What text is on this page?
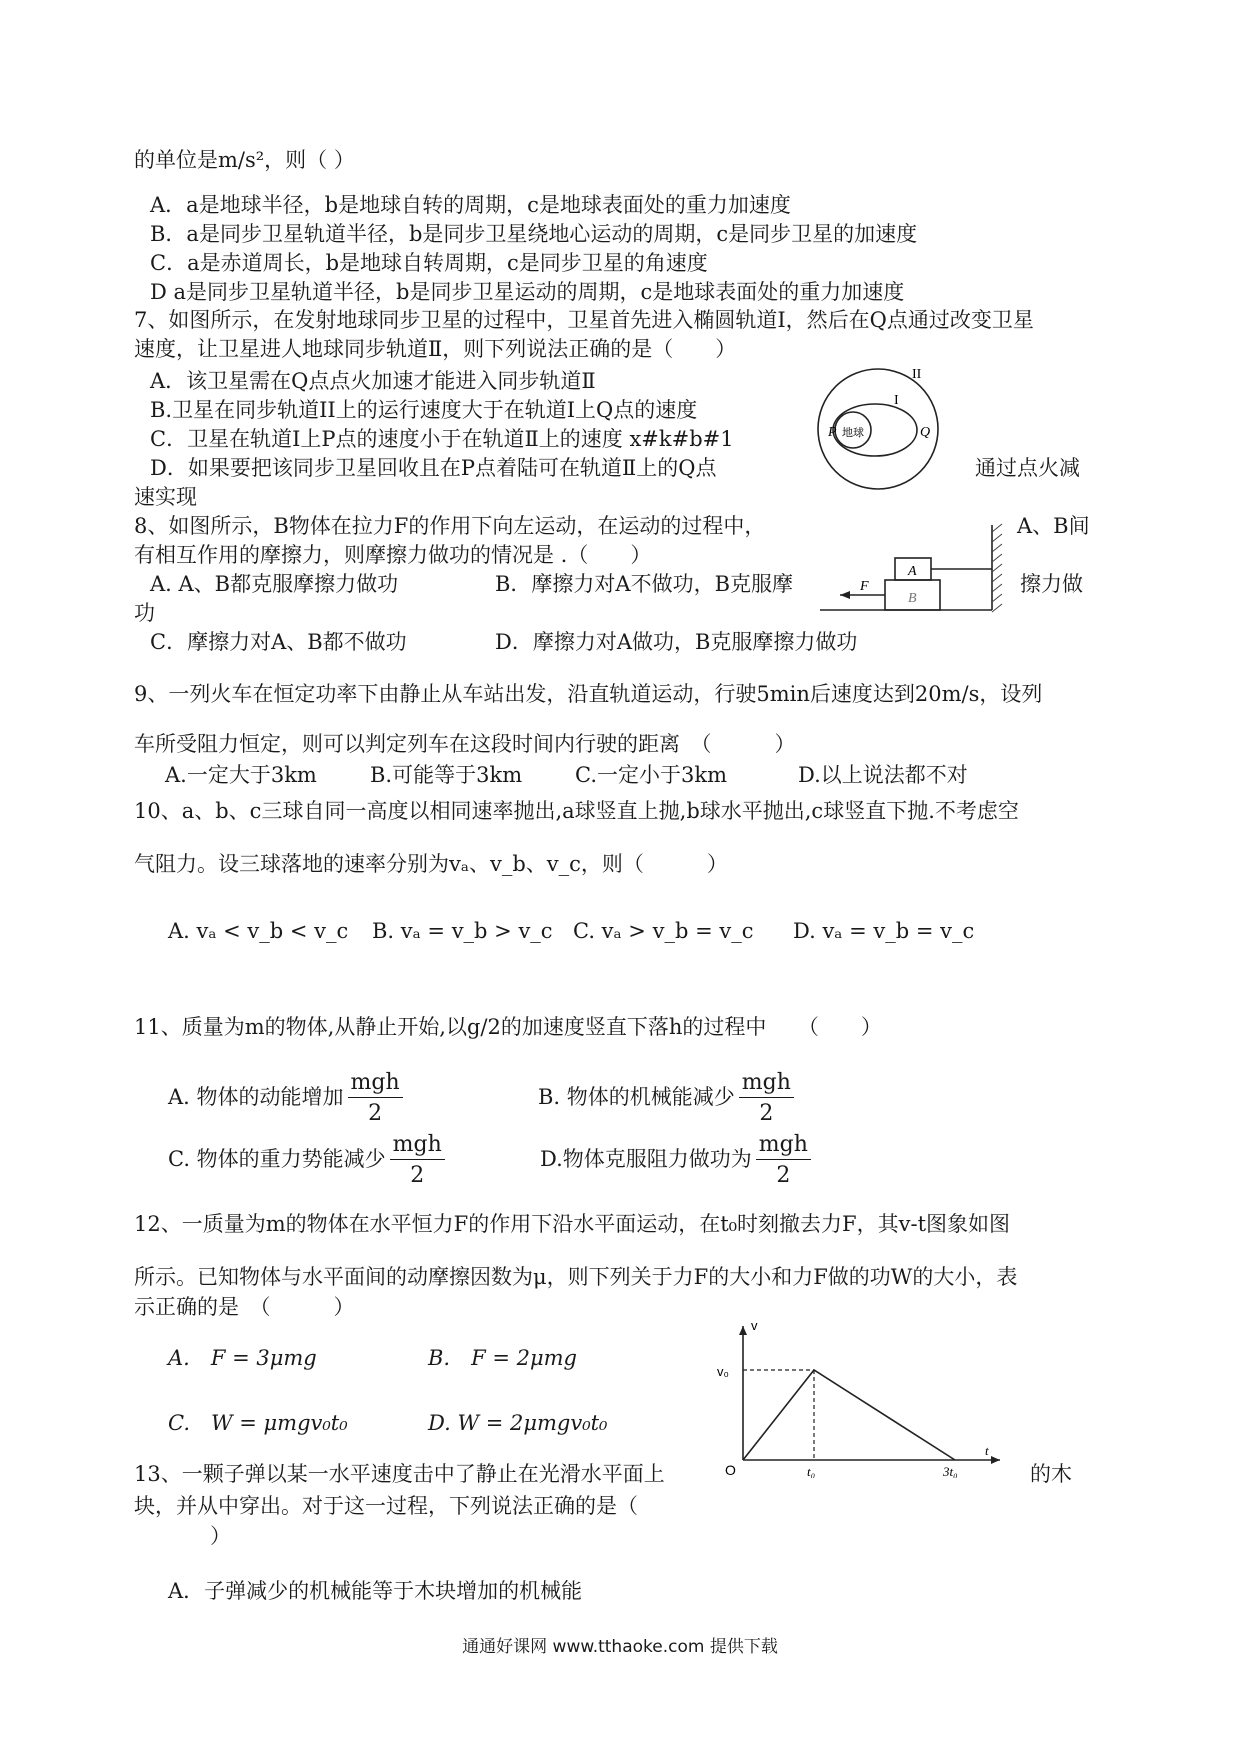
的单位是m/s²，则（ ）
A．a是地球半径，b是地球自转的周期，c是地球表面处的重力加速度
B．a是同步卫星轨道半径，b是同步卫星绕地心运动的周期，c是同步卫星的加速度
C．a是赤道周长，b是地球自转周期，c是同步卫星的角速度
D a是同步卫星轨道半径，b是同步卫星运动的周期，c是地球表面处的重力加速度
7、如图所示，在发射地球同步卫星的过程中，卫星首先进入椭圆轨道Ⅰ，然后在Q点通过改变卫星
速度，让卫星进人地球同步轨道Ⅱ，则下列说法正确的是（　　）
A．该卫星需在Q点点火加速才能进入同步轨道Ⅱ
B.卫星在同步轨道II上的运行速度大于在轨道Ⅰ上Q点的速度
C．卫星在轨道Ⅰ上P点的速度小于在轨道Ⅱ上的速度 x#k#b#1
D．如果要把该同步卫星回收且在P点着陆可在轨道Ⅱ上的Q点	通过点火减
速实现
地球
II
I
P	Q
8、如图所示，B物体在拉力F的作用下向左运动，在运动的过程中，	A、B间
有相互作用的摩擦力，则摩擦力做功的情况是 .（　　）
A. A、B都克服摩擦力做功	B．摩擦力对A不做功，B克服摩	擦力做
功
C．摩擦力对A、B都不做功	D．摩擦力对A做功，B克服摩擦力做功
A
B
F
9、一列火车在恒定功率下由静止从车站出发，沿直轨道运动，行驶5min后速度达到20m/s，设列
车所受阻力恒定，则可以判定列车在这段时间内行驶的距离　（　　　）
A.一定大于3km	B.可能等于3km	C.一定小于3km	D.以上说法都不对
10、a、b、c三球自同一高度以相同速率抛出,a球竖直上抛,b球水平抛出,c球竖直下抛.不考虑空
气阻力。设三球落地的速率分别为vₐ、v_b、v_c，则（　　　）
A. vₐ < v_b < v_c B. vₐ = v_b > v_c C. vₐ > v_b = v_c D. vₐ = v_b = v_c
11、质量为m的物体,从静止开始,以g/2的加速度竖直下落h的过程中　　（　　）
A. 物体的动能增加 $\frac{\text{mgh}}{2}$	B. 物体的机械能减少 $\frac{\text{mgh}}{2}$
C. 物体的重力势能减少 $\frac{\text{mgh}}{2}$	D.物体克服阻力做功为 $\frac{\text{mgh}}{2}$
12、一质量为m的物体在水平恒力F的作用下沿水平面运动，在t₀时刻撤去力F，其v-t图象如图
所示。已知物体与水平面间的动摩擦因数为μ，则下列关于力F的大小和力F做的功W的大小，表
示正确的是　（　　　）
A.　F = 3μmg	B.　F = 2μmg
C.　W = μmgv₀t₀	D. W = 2μmgv₀t₀
v
v₀
O	t₀	3t₀
t
13、一颗子弹以某一水平速度击中了静止在光滑水平面上	的木
块，并从中穿出。对于这一过程，下列说法正确的是（
）
A．子弹减少的机械能等于木块增加的机械能
通通好课网 www.tthaoke.com 提供下载
